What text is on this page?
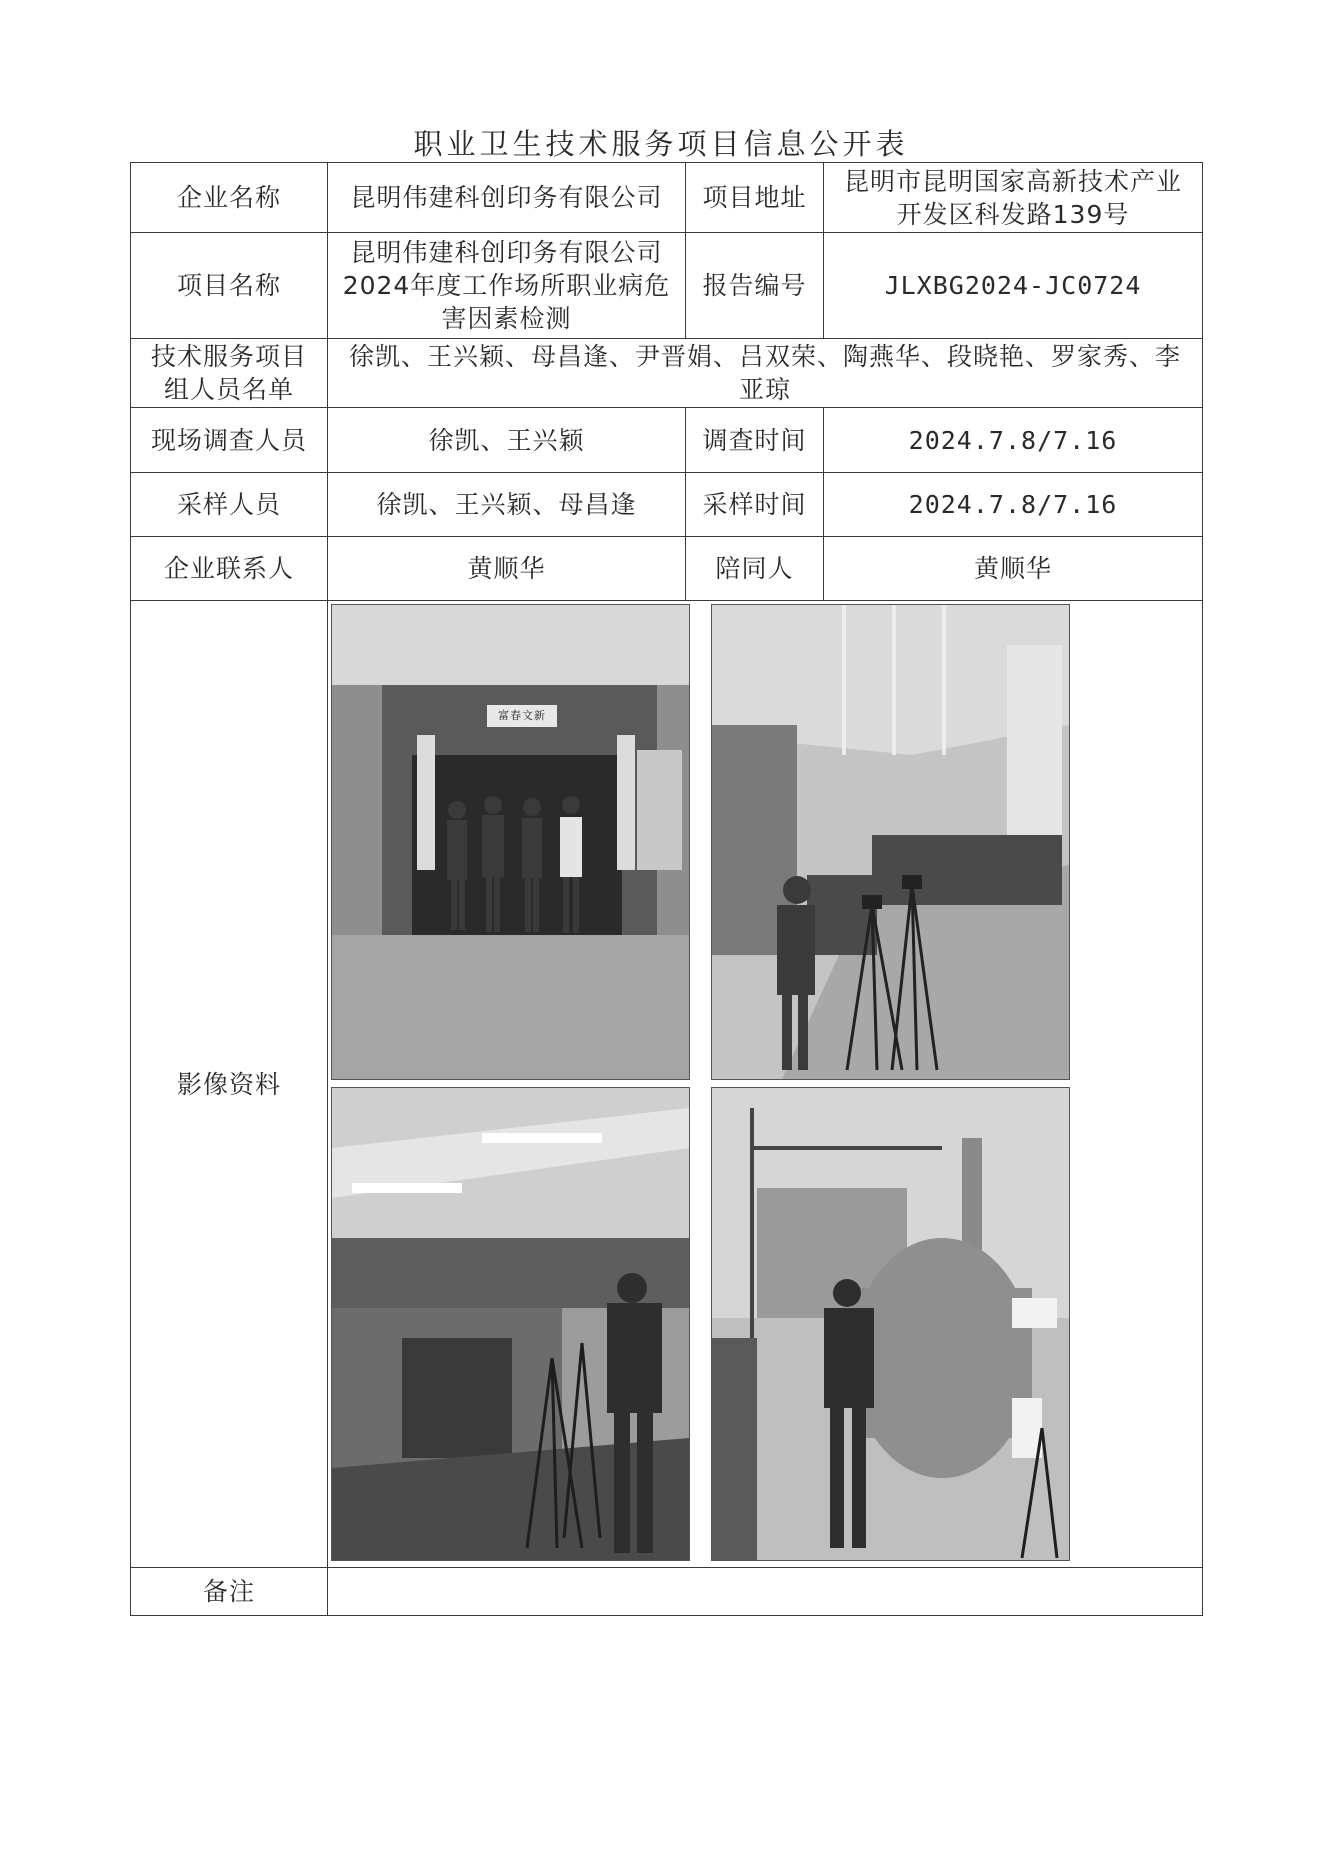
职业卫生技术服务项目信息公开表
企业名称	昆明伟建科创印务有限公司	项目地址	昆明市昆明国家高新技术产业开发区科发路139号
项目名称	昆明伟建科创印务有限公司2024年度工作场所职业病危害因素检测	报告编号	JLXBG2024-JC0724
技术服务项目组人员名单	徐凯、王兴颖、母昌逢、尹晋娟、吕双荣、陶燕华、段晓艳、罗家秀、李亚琼		
现场调查人员	徐凯、王兴颖	调查时间	2024.7.8/7.16
采样人员	徐凯、王兴颖、母昌逢	采样时间	2024.7.8/7.16
企业联系人	黄顺华	陪同人	黄顺华
影像资料	富春文新		

备注			
